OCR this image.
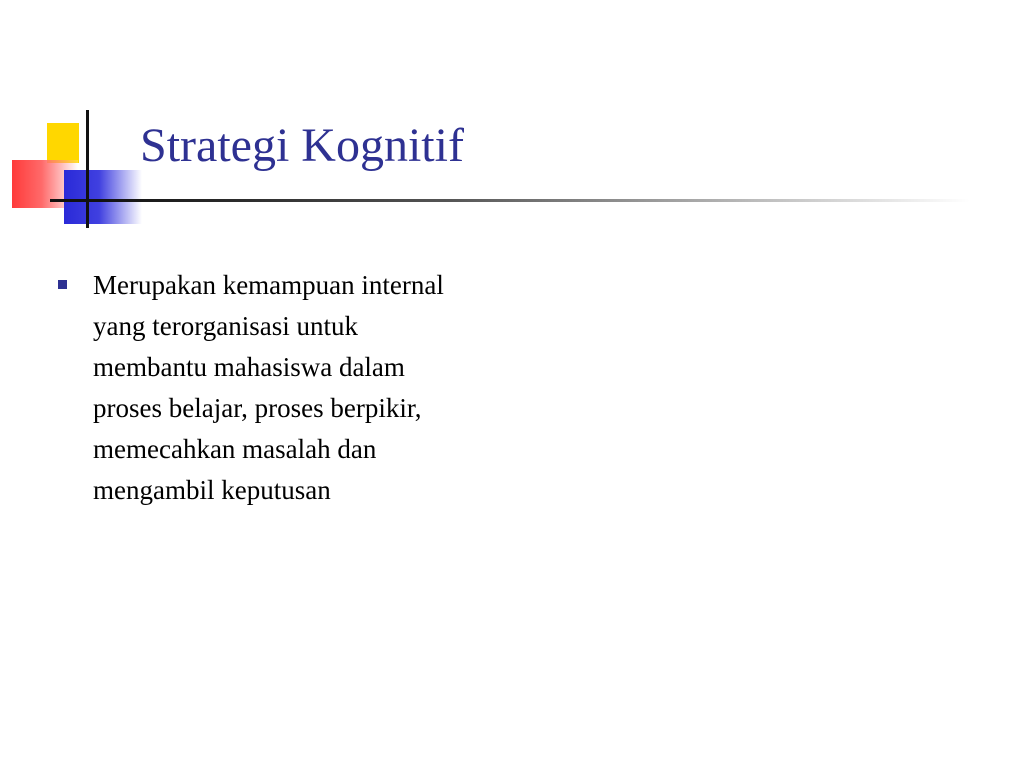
Strategi Kognitif
Merupakan kemampuan internal
yang terorganisasi untuk
membantu mahasiswa dalam
proses belajar, proses berpikir,
memecahkan masalah dan
mengambil keputusan
